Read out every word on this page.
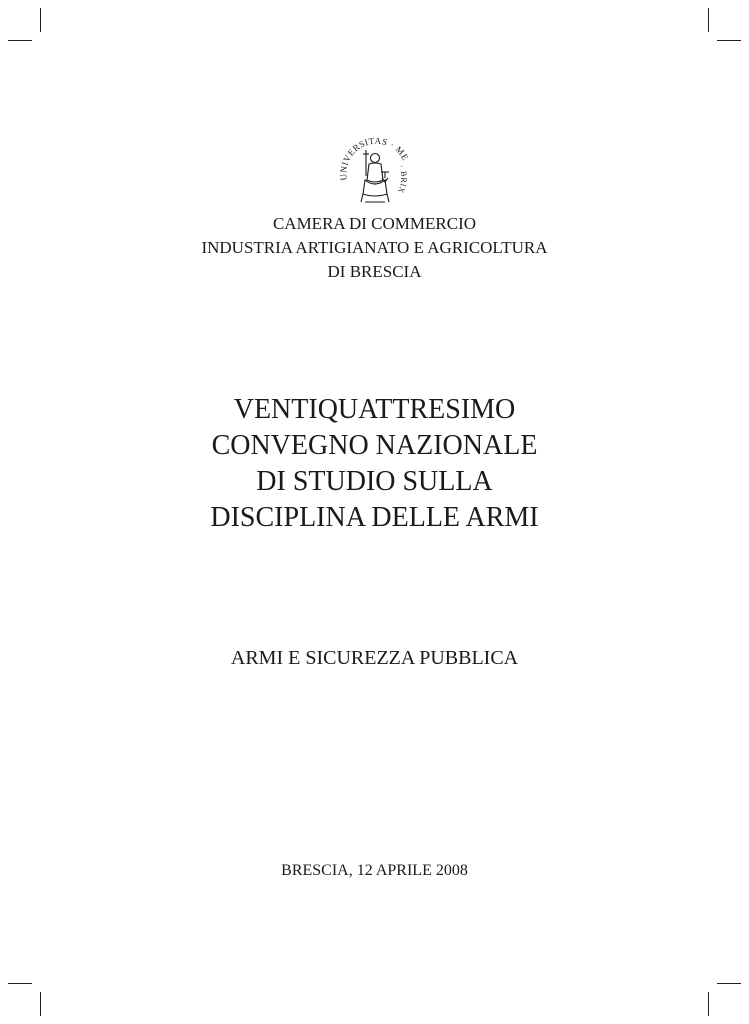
UNIVERSITAS · ME
· BRIX
CAMERA DI COMMERCIO
INDUSTRIA ARTIGIANATO E AGRICOLTURA
DI BRESCIA
VENTIQUATTRESIMO
CONVEGNO NAZIONALE
DI STUDIO SULLA
DISCIPLINA DELLE ARMI
ARMI E SICUREZZA PUBBLICA
BRESCIA, 12 APRILE 2008
